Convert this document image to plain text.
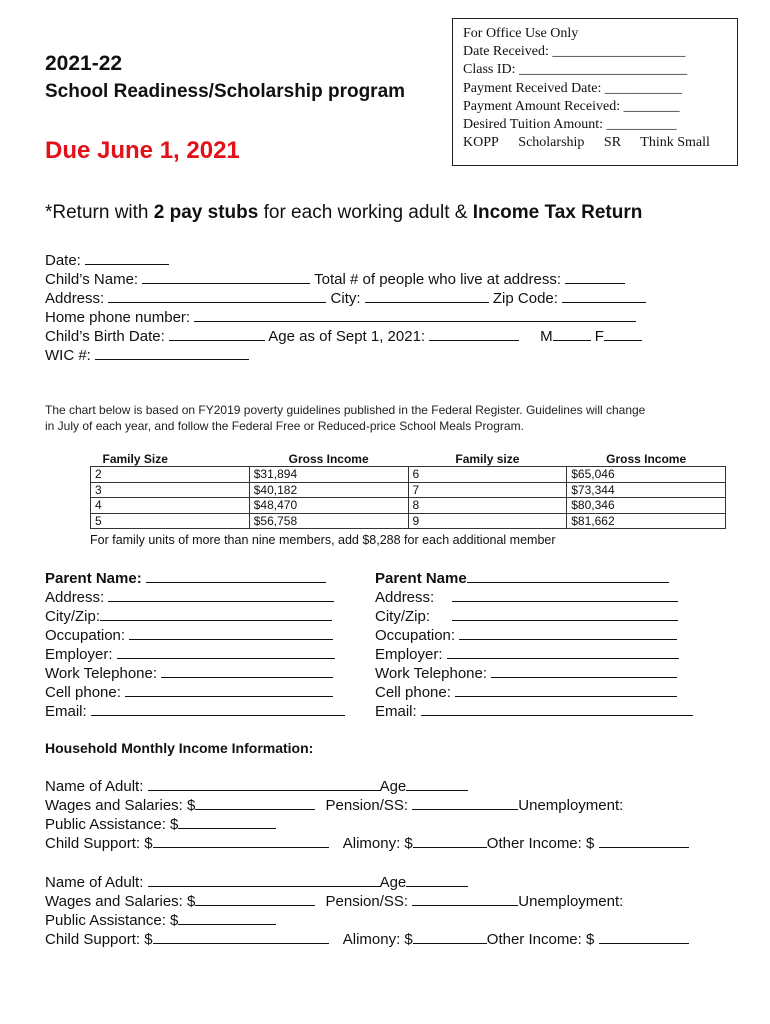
For Office Use Only
Date Received: ___________________
Class ID: ________________________
Payment Received Date: ___________
Payment Amount Received: ________
Desired Tuition Amount: __________
KOPP Scholarship SR Think Small
2021-22
School Readiness/Scholarship program
Due June 1, 2021
*Return with 2 pay stubs for each working adult & Income Tax Return
Date:
Child’s Name:	Total # of people who live at address:
Address:	City:	Zip Code:
Home phone number:
Child’s Birth Date:	Age as of Sept 1, 2021:	M	F
WIC #:
The chart below is based on FY2019 poverty guidelines published in the Federal Register. Guidelines will change
in July of each year, and follow the Federal Free or Reduced-price School Meals Program.
Family Size	Gross Income	Family size	Gross Income
2	$31,894	6	$65,046
3	$40,182	7	$73,344
4	$48,470	8	$80,346
5	$56,758	9	$81,662
For family units of more than nine members, add $8,288 for each additional member
Parent Name:
Address:
City/Zip:
Occupation:
Employer:
Work Telephone:
Cell phone:
Email:
Parent Name
Address:
City/Zip:
Occupation:
Employer:
Work Telephone:
Cell phone:
Email:
Household Monthly Income Information:
Name of Adult:	Age
Wages and Salaries: $	Pension/SS:	Unemployment:
Public Assistance: $
Child Support: $	Alimony: $	Other Income: $
Name of Adult:	Age
Wages and Salaries: $	Pension/SS:	Unemployment:
Public Assistance: $
Child Support: $	Alimony: $	Other Income: $
